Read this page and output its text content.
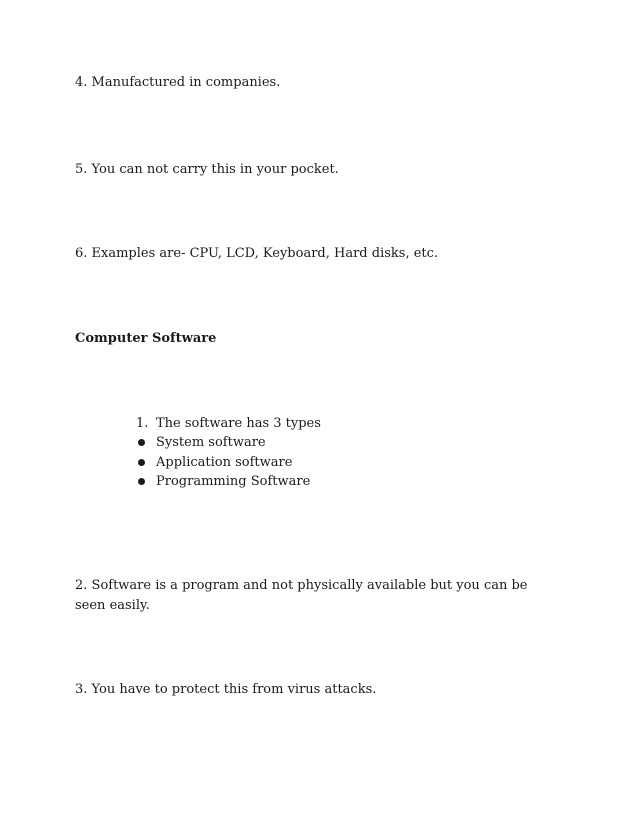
4. Manufactured in companies.
5. You can not carry this in your pocket.
6. Examples are- CPU, LCD, Keyboard, Hard disks, etc.
Computer Software
1. The software has 3 types
System software
Application software
Programming Software
2. Software is a program and not physically available but you can be seen easily.
3. You have to protect this from virus attacks.
